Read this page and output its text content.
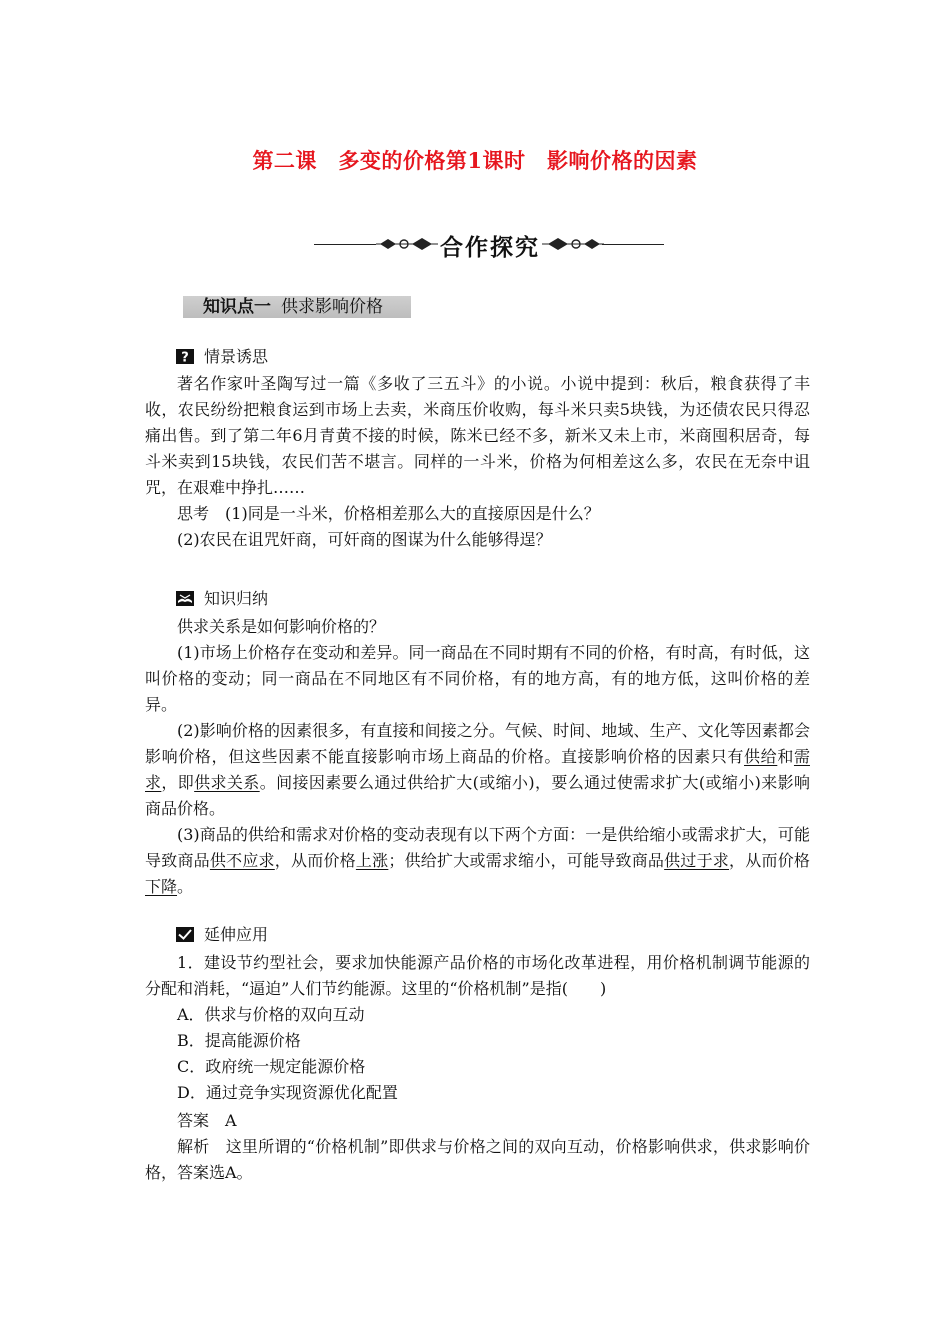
第二课　多变的价格第1课时　影响价格的因素
合作探究
知识点一 供求影响价格
? 情景诱思

著名作家叶圣陶写过一篇《多收了三五斗》的小说。小说中提到：秋后，粮食获得了丰收，农民纷纷把粮食运到市场上去卖，米商压价收购，每斗米只卖5块钱，为还债农民只得忍痛出售。到了第二年6月青黄不接的时候，陈米已经不多，新米又未上市，米商囤积居奇，每斗米卖到15块钱，农民们苦不堪言。同样的一斗米，价格为何相差这么多，农民在无奈中诅咒，在艰难中挣扎……

思考　 (1)同是一斗米，价格相差那么大的直接原因是什么？

(2)农民在诅咒奸商，可奸商的图谋为什么能够得逞？

知识归纳

供求关系是如何影响价格的？

(1)市场上价格存在变动和差异。同一商品在不同时期有不同的价格，有时高，有时低，这叫价格的变动；同一商品在不同地区有不同价格，有的地方高，有的地方低，这叫价格的差异。

(2)影响价格的因素很多，有直接和间接之分。气候、时间、地域、生产、文化等因素都会影响价格，但这些因素不能直接影响市场上商品的价格。直接影响价格的因素只有供给和需求，即供求关系。间接因素要么通过供给扩大(或缩小)，要么通过使需求扩大(或缩小)来影响商品价格。

(3)商品的供给和需求对价格的变动表现有以下两个方面：一是供给缩小或需求扩大，可能导致商品供不应求，从而价格上涨；供给扩大或需求缩小，可能导致商品供过于求，从而价格下降。

延伸应用

1．建设节约型社会，要求加快能源产品价格的市场化改革进程，用价格机制调节能源的分配和消耗，“逼迫”人们节约能源。这里的“价格机制”是指(　　)

A．供求与价格的双向互动

B．提高能源价格

C．政府统一规定能源价格

D．通过竞争实现资源优化配置

答案　 A

解析　 这里所谓的“价格机制”即供求与价格之间的双向互动，价格影响供求，供求影响价格，答案选A。
